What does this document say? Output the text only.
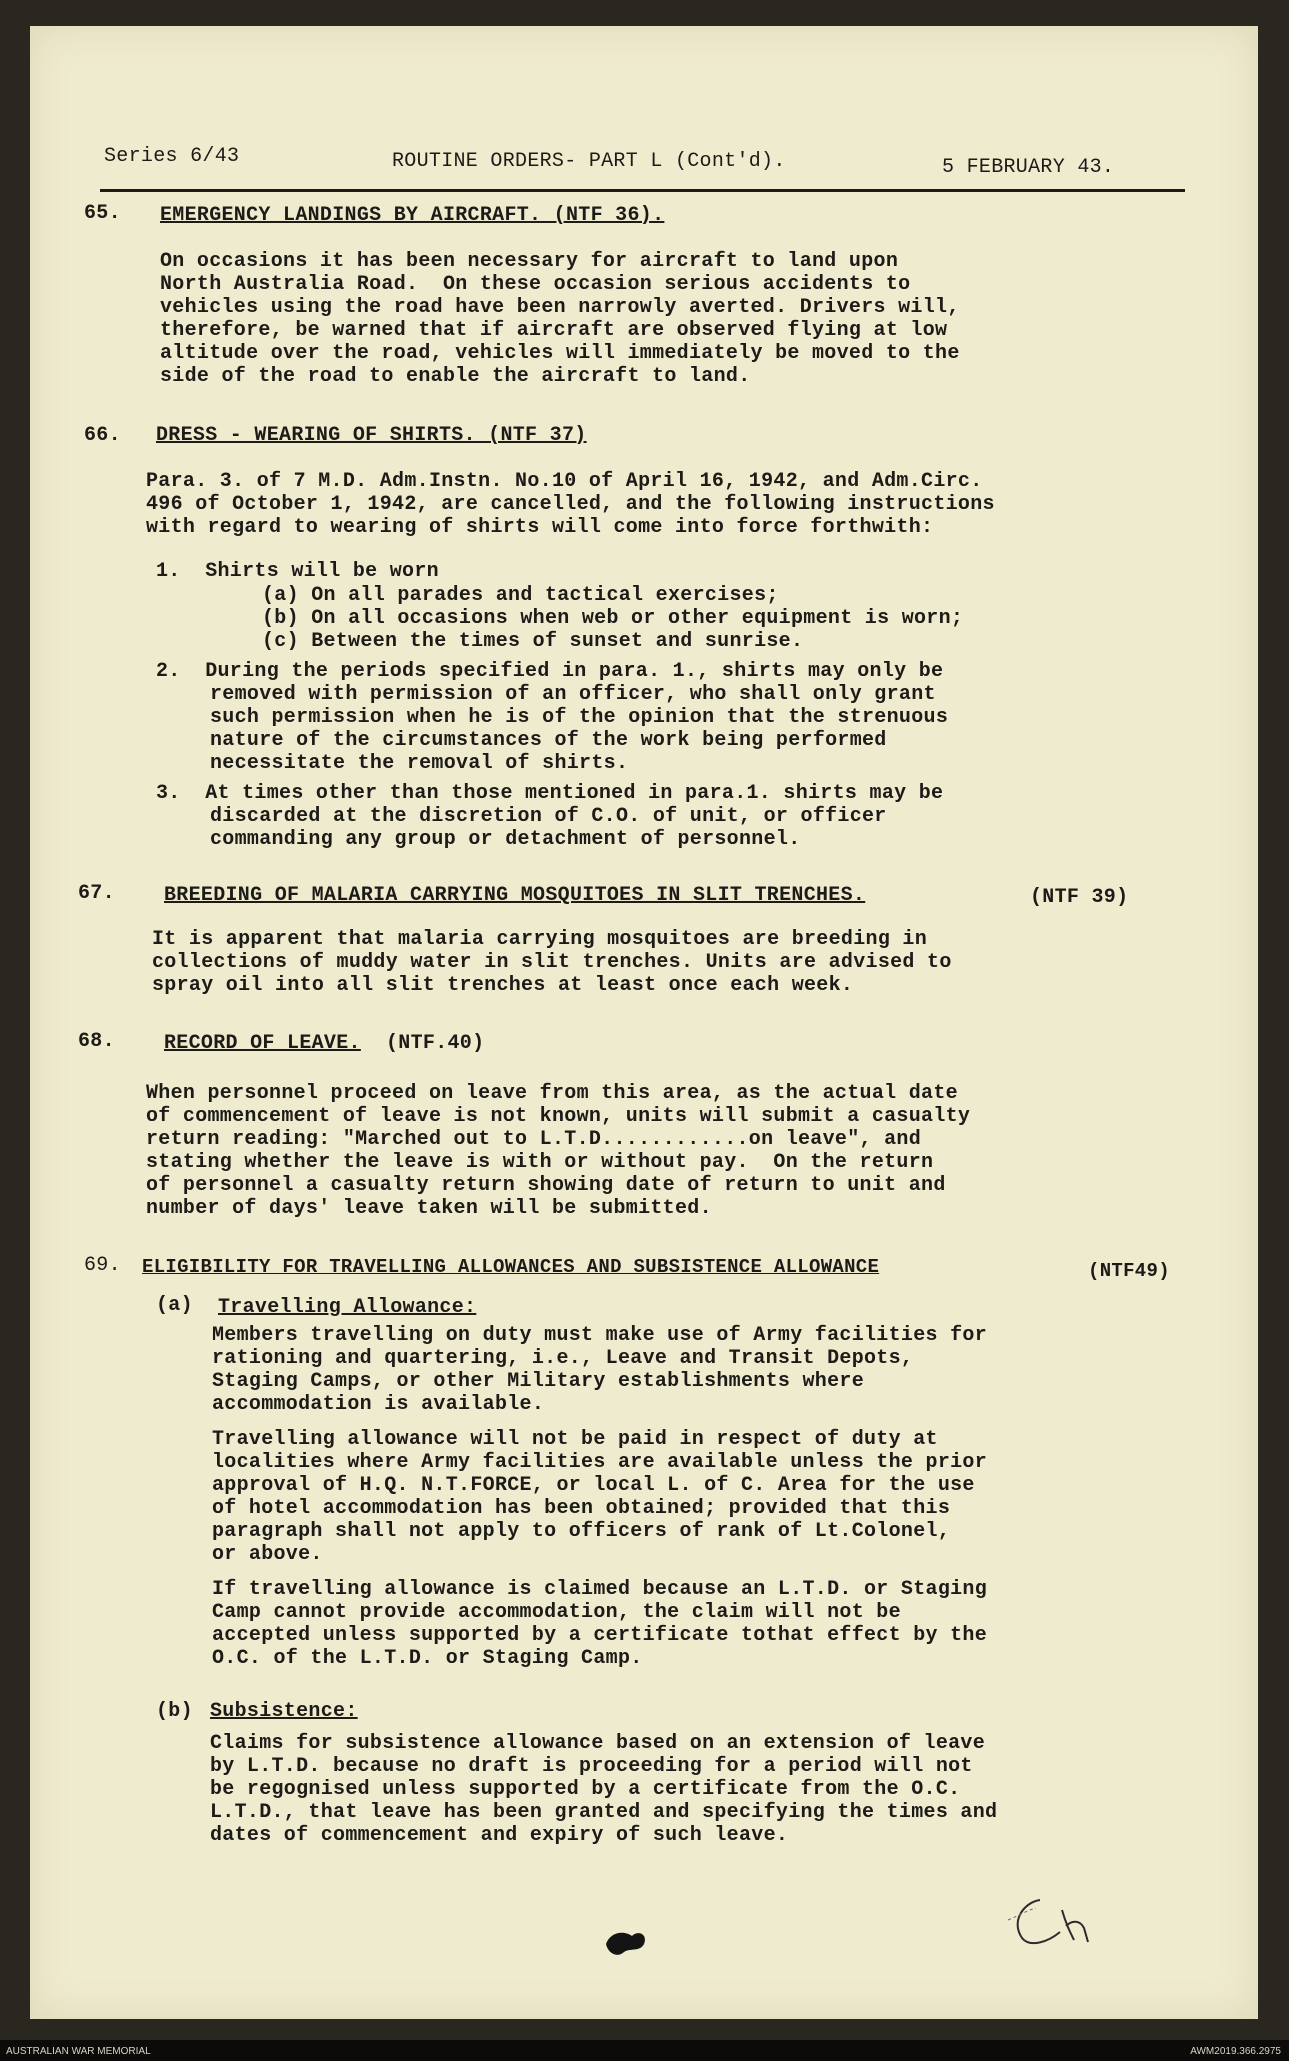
Series 6/43	ROUTINE ORDERS- PART L (Cont'd).	5 FEBRUARY 43.
65. EMERGENCY LANDINGS BY AIRCRAFT. (NTF 36).
On occasions it has been necessary for aircraft to land upon
North Australia Road.  On these occasion serious accidents to
vehicles using the road have been narrowly averted. Drivers will,
therefore, be warned that if aircraft are observed flying at low
altitude over the road, vehicles will immediately be moved to the
side of the road to enable the aircraft to land.
66. DRESS - WEARING OF SHIRTS. (NTF 37)
Para. 3. of 7 M.D. Adm.Instn. No.10 of April 16, 1942, and Adm.Circ.
496 of October 1, 1942, are cancelled, and the following instructions
with regard to wearing of shirts will come into force forthwith:
1.  Shirts will be worn
(a) On all parades and tactical exercises;
(b) On all occasions when web or other equipment is worn;
(c) Between the times of sunset and sunrise.
2.  During the periods specified in para. 1., shirts may only be
removed with permission of an officer, who shall only grant
such permission when he is of the opinion that the strenuous
nature of the circumstances of the work being performed
necessitate the removal of shirts.
3.  At times other than those mentioned in para.1. shirts may be
discarded at the discretion of C.O. of unit, or officer
commanding any group or detachment of personnel.
67. BREEDING OF MALARIA CARRYING MOSQUITOES IN SLIT TRENCHES.	(NTF 39)
It is apparent that malaria carrying mosquitoes are breeding in
collections of muddy water in slit trenches. Units are advised to
spray oil into all slit trenches at least once each week.
68. RECORD OF LEAVE. (NTF.40)
When personnel proceed on leave from this area, as the actual date
of commencement of leave is not known, units will submit a casualty
return reading: "Marched out to L.T.D............on leave", and
stating whether the leave is with or without pay.  On the return
of personnel a casualty return showing date of return to unit and
number of days' leave taken will be submitted.
69. ELIGIBILITY FOR TRAVELLING ALLOWANCES AND SUBSISTENCE ALLOWANCE	(NTF49)
(a) Travelling Allowance:
Members travelling on duty must make use of Army facilities for
rationing and quartering, i.e., Leave and Transit Depots,
Staging Camps, or other Military establishments where
accommodation is available.
Travelling allowance will not be paid in respect of duty at
localities where Army facilities are available unless the prior
approval of H.Q. N.T.FORCE, or local L. of C. Area for the use
of hotel accommodation has been obtained; provided that this
paragraph shall not apply to officers of rank of Lt.Colonel,
or above.
If travelling allowance is claimed because an L.T.D. or Staging
Camp cannot provide accommodation, the claim will not be
accepted unless supported by a certificate tothat effect by the
O.C. of the L.T.D. or Staging Camp.
(b) Subsistence:
Claims for subsistence allowance based on an extension of leave
by L.T.D. because no draft is proceeding for a period will not
be regognised unless supported by a certificate from the O.C.
L.T.D., that leave has been granted and specifying the times and
dates of commencement and expiry of such leave.
AUSTRALIAN WAR MEMORIAL	AWM2019.366.2975
